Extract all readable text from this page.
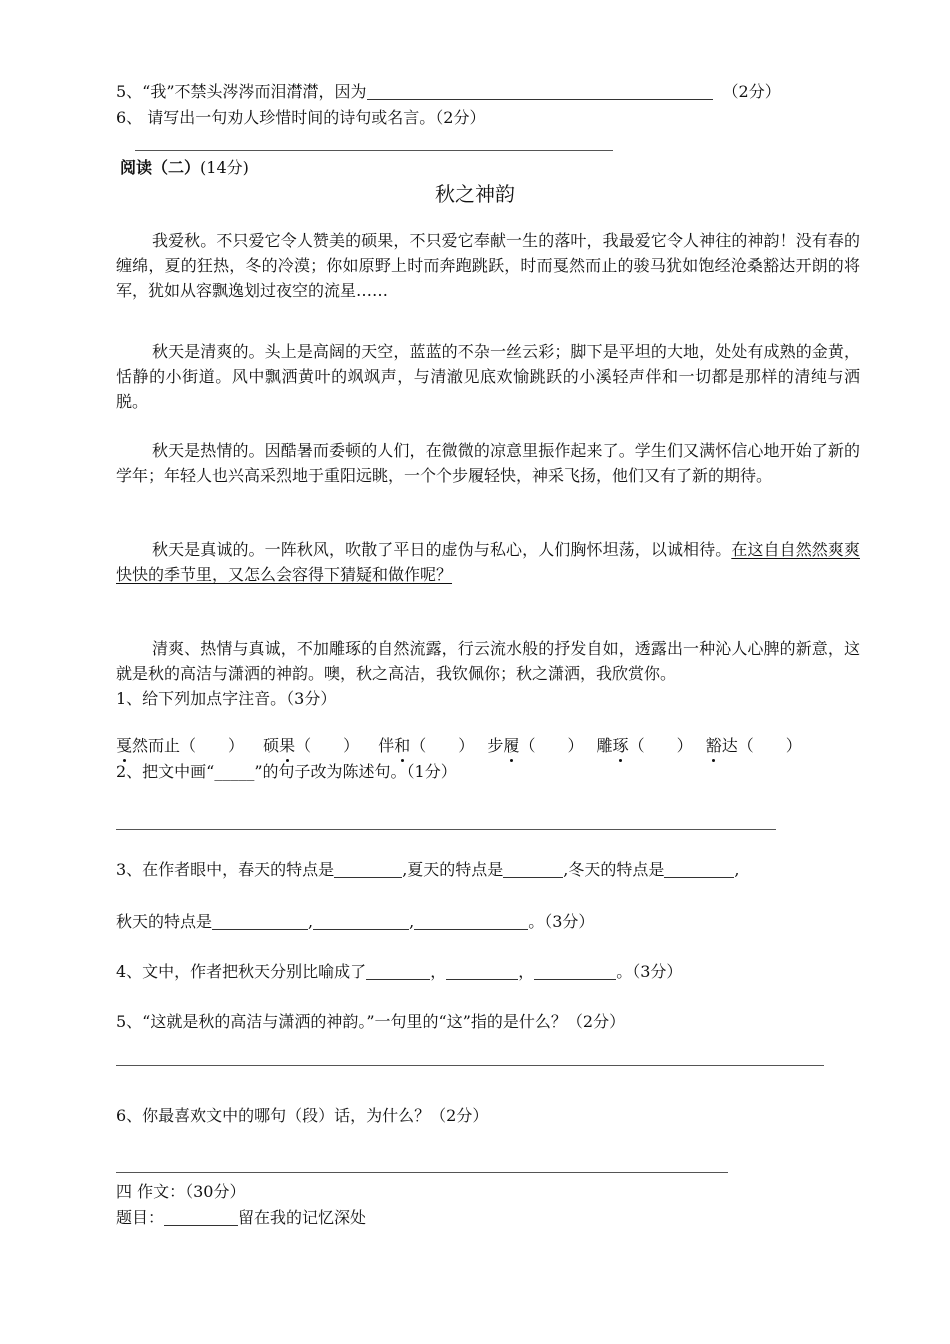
5、“我”不禁头涔涔而泪潸潸，因为	（2分）
6、 请写出一句劝人珍惜时间的诗句或名言。（2分）
阅读（二）(14分)
秋之神韵
我爱秋。不只爱它令人赞美的硕果，不只爱它奉献一生的落叶，我最爱它令人神往的神韵！没有春的缠绵，夏的狂热，冬的冷漠；你如原野上时而奔跑跳跃，时而戛然而止的骏马犹如饱经沧桑豁达开朗的将军，犹如从容飘逸划过夜空的流星……
秋天是清爽的。头上是高阔的天空，蓝蓝的不杂一丝云彩；脚下是平坦的大地，处处有成熟的金黄，恬静的小街道。风中飘洒黄叶的飒飒声，与清澈见底欢愉跳跃的小溪轻声伴和一切都是那样的清纯与洒脱。
秋天是热情的。因酷暑而委顿的人们，在微微的凉意里振作起来了。学生们又满怀信心地开始了新的学年；年轻人也兴高采烈地于重阳远眺，一个个步履轻快，神采飞扬，他们又有了新的期待。
秋天是真诚的。一阵秋风，吹散了平日的虚伪与私心，人们胸怀坦荡，以诚相待。在这自自然然爽爽快快的季节里，又怎么会容得下猜疑和做作呢？
清爽、热情与真诚，不加雕琢的自然流露，行云流水般的抒发自如，透露出一种沁人心脾的新意，这就是秋的高洁与潇洒的神韵。噢，秋之高洁，我钦佩你；秋之潇洒，我欣赏你。
1、给下列加点字注音。（3分）
戛然而止（　　） 硕果（　　） 伴和（　　） 步履（　　） 雕琢（　　） 豁达（　　）
2、把文中画“_____”的句子改为陈述句。（1分）
3、在作者眼中，春天的特点是	,夏天的特点是	,冬天的特点是	,
秋天的特点是	,	,	。（3分）
4、文中，作者把秋天分别比喻成了	，	，	。（3分）
5、“这就是秋的高洁与潇洒的神韵。”一句里的“这”指的是什么？（2分）
6、你最喜欢文中的哪句（段）话，为什么？（2分）
四 作文：（30分）
题目：	留在我的记忆深处
